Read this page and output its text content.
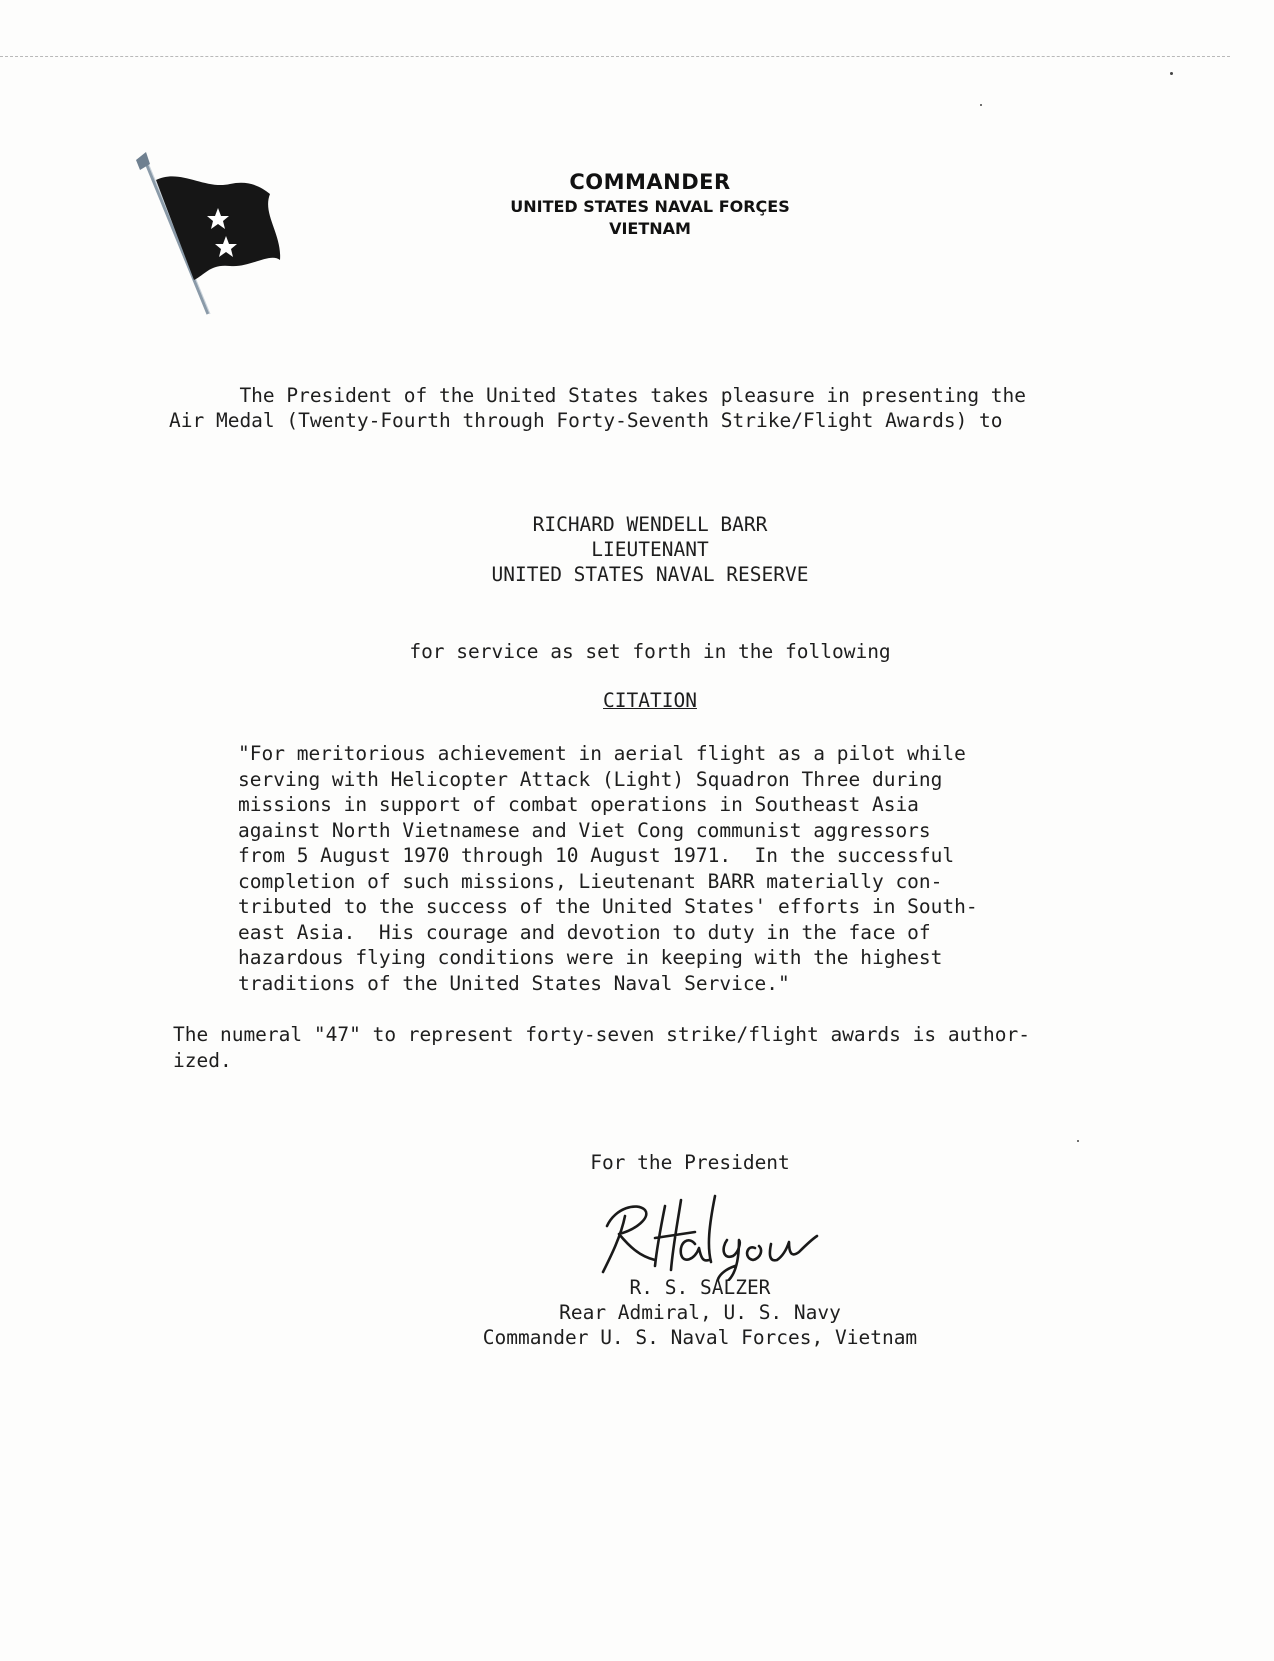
COMMANDER
UNITED STATES NAVAL FORÇES
VIETNAM
The President of the United States takes pleasure in presenting the
Air Medal (Twenty-Fourth through Forty-Seventh Strike/Flight Awards) to
RICHARD WENDELL BARR
LIEUTENANT
UNITED STATES NAVAL RESERVE
for service as set forth in the following
CITATION
"For meritorious achievement in aerial flight as a pilot while
serving with Helicopter Attack (Light) Squadron Three during
missions in support of combat operations in Southeast Asia
against North Vietnamese and Viet Cong communist aggressors
from 5 August 1970 through 10 August 1971.  In the successful
completion of such missions, Lieutenant BARR materially con-
tributed to the success of the United States' efforts in South-
east Asia.  His courage and devotion to duty in the face of
hazardous flying conditions were in keeping with the highest
traditions of the United States Naval Service."
The numeral "47" to represent forty-seven strike/flight awards is author-
ized.
For the President
R. S. SALZER
Rear Admiral, U. S. Navy
Commander U. S. Naval Forces, Vietnam
